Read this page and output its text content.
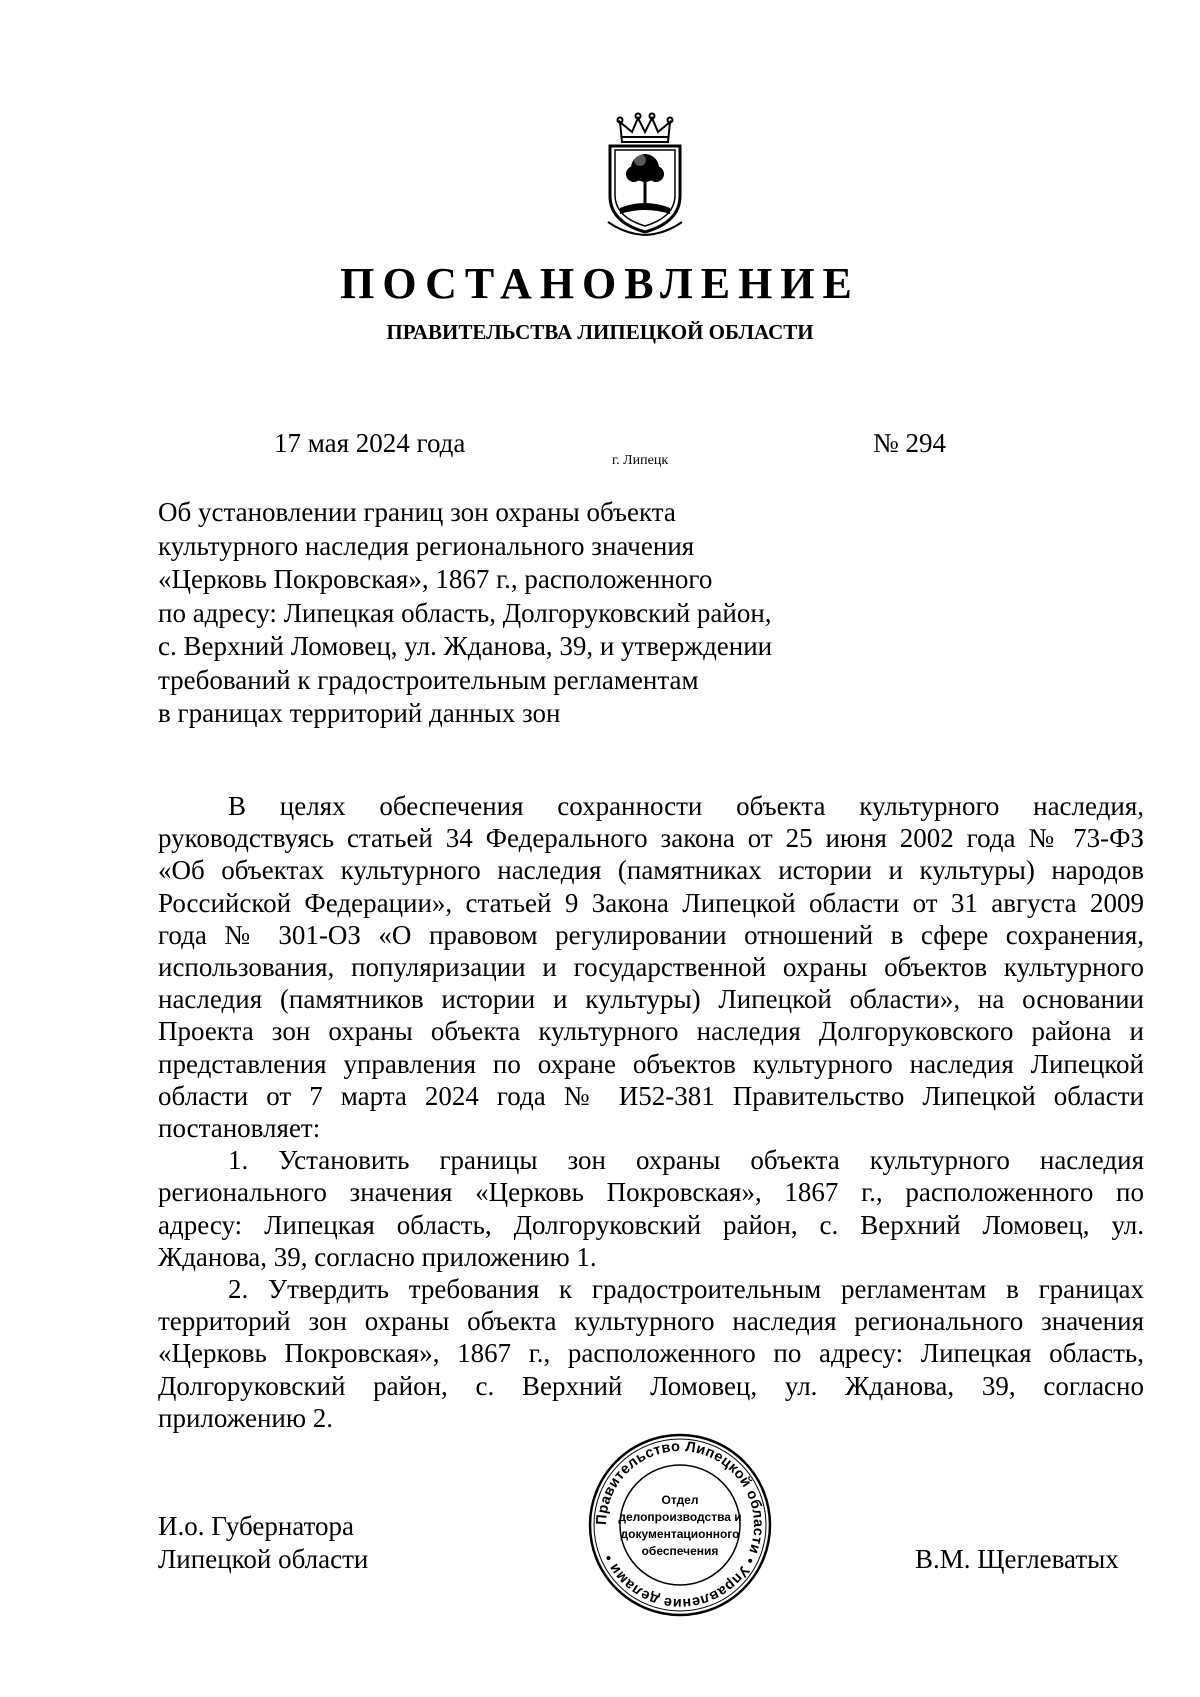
ПОСТАНОВЛЕНИЕ
ПРАВИТЕЛЬСТВА ЛИПЕЦКОЙ ОБЛАСТИ
17 мая 2024 года
г. Липецк
№ 294
Об установлении границ зон охраны объекта
культурного наследия регионального значения
«Церковь Покровская», 1867 г., расположенного
по адресу: Липецкая область, Долгоруковский район,
с. Верхний Ломовец, ул. Жданова, 39, и утверждении
требований к градостроительным регламентам
в границах территорий данных зон
В целях обеспечения сохранности объекта культурного наследия,
руководствуясь статьей 34 Федерального закона от 25 июня 2002 года № 73-ФЗ
«Об объектах культурного наследия (памятниках истории и культуры) народов
Российской Федерации», статьей 9 Закона Липецкой области от 31 августа 2009
года № 301-ОЗ «О правовом регулировании отношений в сфере сохранения,
использования, популяризации и государственной охраны объектов культурного
наследия (памятников истории и культуры) Липецкой области», на основании
Проекта зон охраны объекта культурного наследия Долгоруковского района и
представления управления по охране объектов культурного наследия Липецкой
области от 7 марта 2024 года № И52-381 Правительство Липецкой области
постановляет:
1. Установить границы зон охраны объекта культурного наследия
регионального значения «Церковь Покровская», 1867 г., расположенного по
адресу: Липецкая область, Долгоруковский район, с. Верхний Ломовец, ул.
Жданова, 39, согласно приложению 1.
2. Утвердить требования к градостроительным регламентам в границах
территорий зон охраны объекта культурного наследия регионального значения
«Церковь Покровская», 1867 г., расположенного по адресу: Липецкая область,
Долгоруковский район, с. Верхний Ломовец, ул. Жданова, 39, согласно
приложению 2.
И.о. Губернатора
Липецкой области	В.М. Щеглеватых
Правительство Липецкой области • Управление делами •
Отдел
делопроизводства и
документационного
обеспечения
